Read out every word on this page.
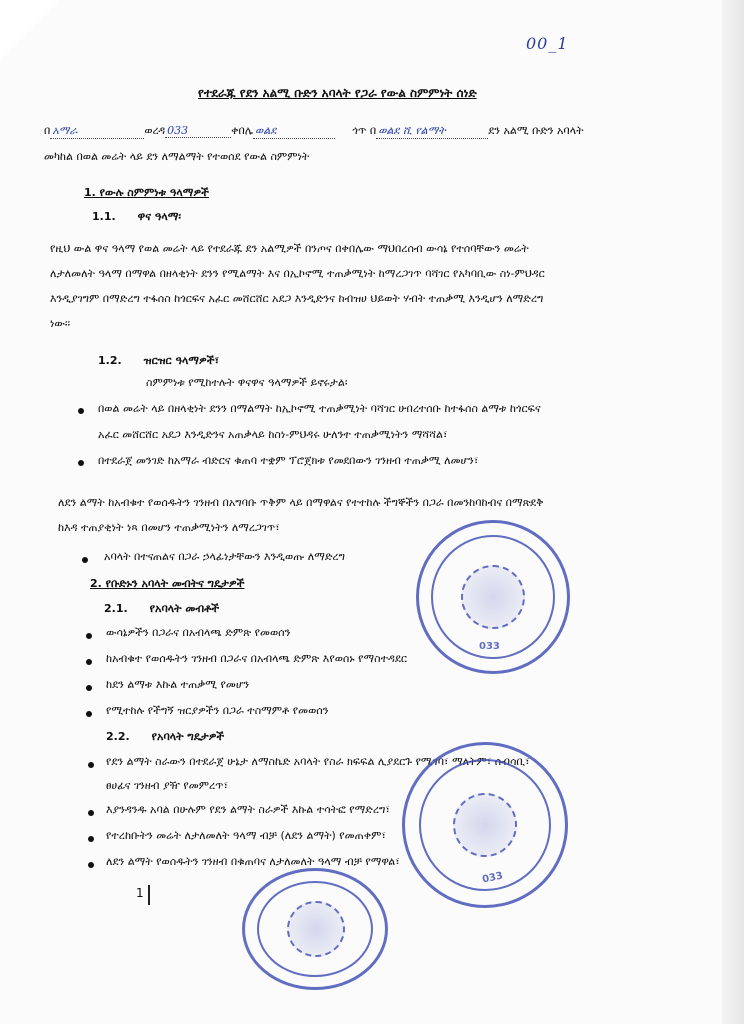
00_1
የተደራጁ የደን አልሚ ቡድን አባላት የጋራ የውል ስምምነት ሰነድ
በ አማራ	ወረዳ 033	ቀበሌ ወልደ	ጎጥ በ ወልደ ሺ የልማት	ደን አልሚ ቡድን አባላት
መካከል በወል መሬት ላይ ደን ለማልማት የተወሰደ የውል ስምምነት
1. የውሉ ስምምነቱ ዓላማዎች
1.1. ዋና ዓላማ፡
የዚህ ውል ዋና ዓላማ የወል መሬት ላይ የተደራጁ ደን አልሚዎች በንጦና በቀበሌው ማህበረሰብ ውሳኔ የተሰባቸውን መሬት
ለታለመለት ዓላማ በማዋል በዘላቂነት ደንን የሚልማት እና በኢኮኖሚ ተጠቃሚነት ከማረጋገጥ ባሻገር የአካባቢው ስነ-ምህዳር
እንዲያገግም በማድረግ ተፋሰስ ከጎርፍና አፈር መሸርሸር አደጋ እንዲድንና ከብዝሀ ህይወት ሃብት ተጠቃሚ እንዲሆን ለማድረግ
ነው፡፡
1.2. ዝርዝር ዓላማዎች፣
ስምምነቱ የሚከተሉት ዋናዋና ዓላማዎች ይኖሩታል፡
በወል መሬት ላይ በዘላቂነት ደንን በማልማት ከኢኮኖሚ ተጠቃሚነት ባሻገር ሁበረተሰቡ ከተፋሰስ ልማቱ ከጎርፍና
አፈር መሸርሸር አደጋ እንዲድንና አጠቃላይ ከስነ-ምህዳሩ ሁለንተ ተጠቃሚነትን ማሻሻል፣
በተደራጀ መንገድ ከአማራ ብድርና ቁጠባ ተቋም ፕሮጀክቱ የመደበውን ገንዘብ ተጠቃሚ ለመሆን፣
ለደን ልማት ከአብቁተ የወሰዱትን ገንዘብ በአግባቡ ጥቅም ላይ በማዋልና የተተከሉ ችግኞችን በጋራ በመንከባከብና በማጽደቅ
ከእዳ ተጠያቂነት ነጻ በመሆን ተጠቃሚነትን ለማረጋገጥ፣
አባላት በተናጠልና በጋራ ኃላፊነታቸውን እንዲወጡ ለማድረግ
2. የቡድኑን አባላት መብትና ግዴታዎች
2.1. የአባላት መብቶች
ውሳኔዎችን በጋራና በአብላጫ ድምጽ የመወሰን
ከአብቁተ የወሰዱትን ገንዘብ በጋራና በአብላጫ ድምጽ እየወሰኑ የማስተዳደር
ከደን ልማቱ እኩል ተጠቃሚ የመሆን
የሚተከሉ የችግኝ ዝርያዎችን በጋራ ተስማምቶ የመወሰን
2.2. የአባላት ግዴታዎች
የደን ልማት ስራውን በተደራጀ ሁኔታ ለማስኬድ አባላት የስራ ክፍፍል ሊያደርጉ የሚገባ፣ ማለትም፣ ሰብሳቢ፣
ፀሀፊና ገንዘብ ያዥ የመምረጥ፣
እያንዳንዱ አባል በሁሉም የደን ልማት ስራዎች እኩል ተሳትፎ የማድረግ፣
የተረከቡትን መሬት ለታለመለት ዓላማ ብቻ (ለደን ልማት) የመጠቀም፣
ለደን ልማት የወሰዱትን ገንዘብ በቁጠባና ለታለመለት ዓላማ ብቻ የማዋል፣
033
033
1
